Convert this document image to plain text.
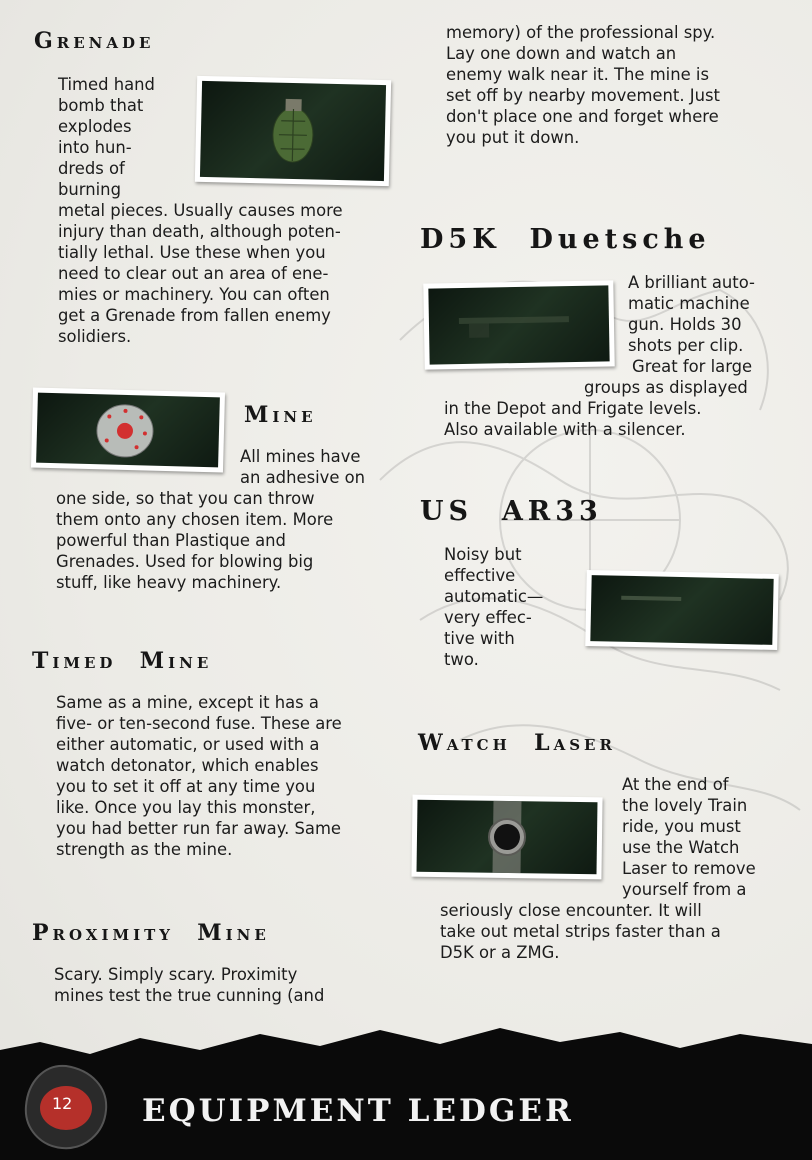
Grenade
Timed hand
bomb that
explodes
into hun-
dreds of
burning
metal pieces. Usually causes more
injury than death, although poten-
tially lethal. Use these when you
need to clear out an area of ene-
mies or machinery. You can often
get a Grenade from fallen enemy
solidiers.
Mine
All mines have
an adhesive on
one side, so that you can throw
them onto any chosen item. More
powerful than Plastique and
Grenades. Used for blowing big
stuff, like heavy machinery.
Timed  Mine
Same as a mine, except it has a
five- or ten-second fuse. These are
either automatic, or used with a
watch detonator, which enables
you to set it off at any time you
like. Once you lay this monster,
you had better run far away. Same
strength as the mine.
Proximity  Mine
Scary. Simply scary. Proximity
mines test the true cunning (and
memory) of the professional spy.
Lay one down and watch an
enemy walk near it. The mine is
set off by nearby movement. Just
don't place one and forget where
you put it down.
D5K  Duetsche
A brilliant auto-
matic machine
gun. Holds 30
shots per clip.
Great for large
groups as displayed
in the Depot and Frigate levels.
Also available with a silencer.
US  AR33
Noisy but
effective
automatic—
very effec-
tive with
two.
Watch  Laser
At the end of
the lovely Train
ride, you must
use the Watch
Laser to remove
yourself from a
seriously close encounter. It will
take out metal strips faster than a
D5K or a ZMG.
12 EQUIPMENT LEDGER
